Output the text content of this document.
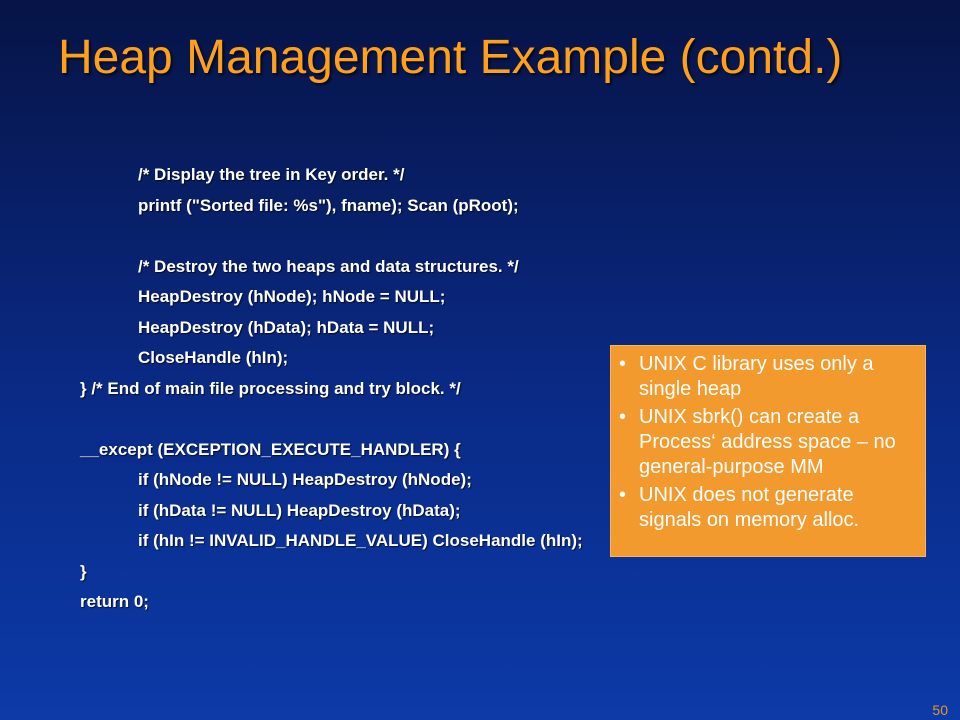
Heap Management Example (contd.)
/* Display the tree in Key order. */
printf ("Sorted file: %s"), fname); Scan (pRoot);
/* Destroy the two heaps and data structures. */
HeapDestroy (hNode); hNode = NULL;
HeapDestroy (hData); hData = NULL;
CloseHandle (hIn);
} /* End of main file processing and try block. */
__except (EXCEPTION_EXECUTE_HANDLER) {
if (hNode != NULL) HeapDestroy (hNode);
if (hData != NULL) HeapDestroy (hData);
if (hIn != INVALID_HANDLE_VALUE) CloseHandle (hIn);
}
return 0;
• UNIX C library uses only a single heap
• UNIX sbrk() can create a Process‘ address space – no general-purpose MM
• UNIX does not generate signals on memory alloc.
50
